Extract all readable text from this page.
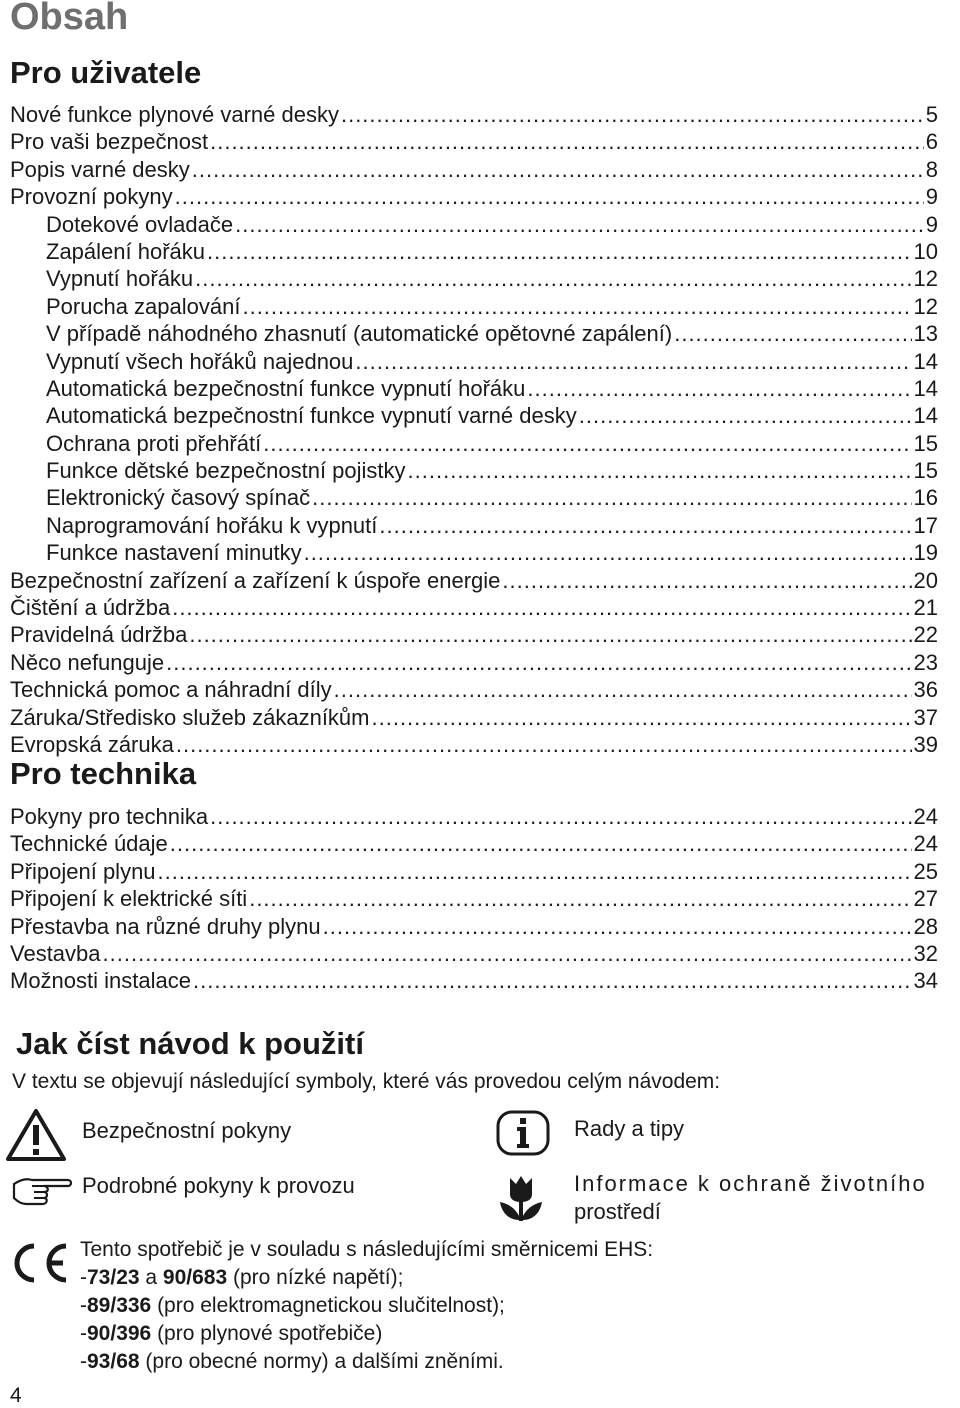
Obsah
Pro uživatele
Nové funkce plynové varné desky .....	5
Pro vaši bezpečnost .....	6
Popis varné desky .....	8
Provozní pokyny .....	9
Dotekové ovladače .....	9
Zapálení hořáku .....	10
Vypnutí hořáku .....	12
Porucha zapalování .....	12
V případě náhodného zhasnutí (automatické opětovné zapálení) .....	13
Vypnutí všech hořáků najednou .....	14
Automatická bezpečnostní funkce vypnutí hořáku .....	14
Automatická bezpečnostní funkce vypnutí varné desky .....	14
Ochrana proti přehřátí .....	15
Funkce dětské bezpečnostní pojistky .....	15
Elektronický časový spínač .....	16
Naprogramování hořáku k vypnutí .....	17
Funkce nastavení minutky .....	19
Bezpečnostní zařízení a zařízení k úspoře energie .....	20
Čištění a údržba .....	21
Pravidelná údržba .....	22
Něco nefunguje .....	23
Technická pomoc a náhradní díly .....	36
Záruka/Středisko služeb zákazníkům .....	37
Evropská záruka .....	39
Pro technika
Pokyny pro technika .....	24
Technické údaje .....	24
Připojení plynu .....	25
Připojení k elektrické síti .....	27
Přestavba na různé druhy plynu .....	28
Vestavba .....	32
Možnosti instalace .....	34
Jak číst návod k použití

V textu se objevují následující symboly, které vás provedou celým návodem:

Bezpečnostní pokyny	Rady a tipy
Podrobné pokyny k provozu	Informace k ochraně životního
prostředí
Tento spotřebič je v souladu s následujícími směrnicemi EHS:
-73/23 a 90/683 (pro nízké napětí);
-89/336 (pro elektromagnetickou slučitelnost);
-90/396 (pro plynové spotřebiče)
-93/68 (pro obecné normy) a dalšími zněními.
4
